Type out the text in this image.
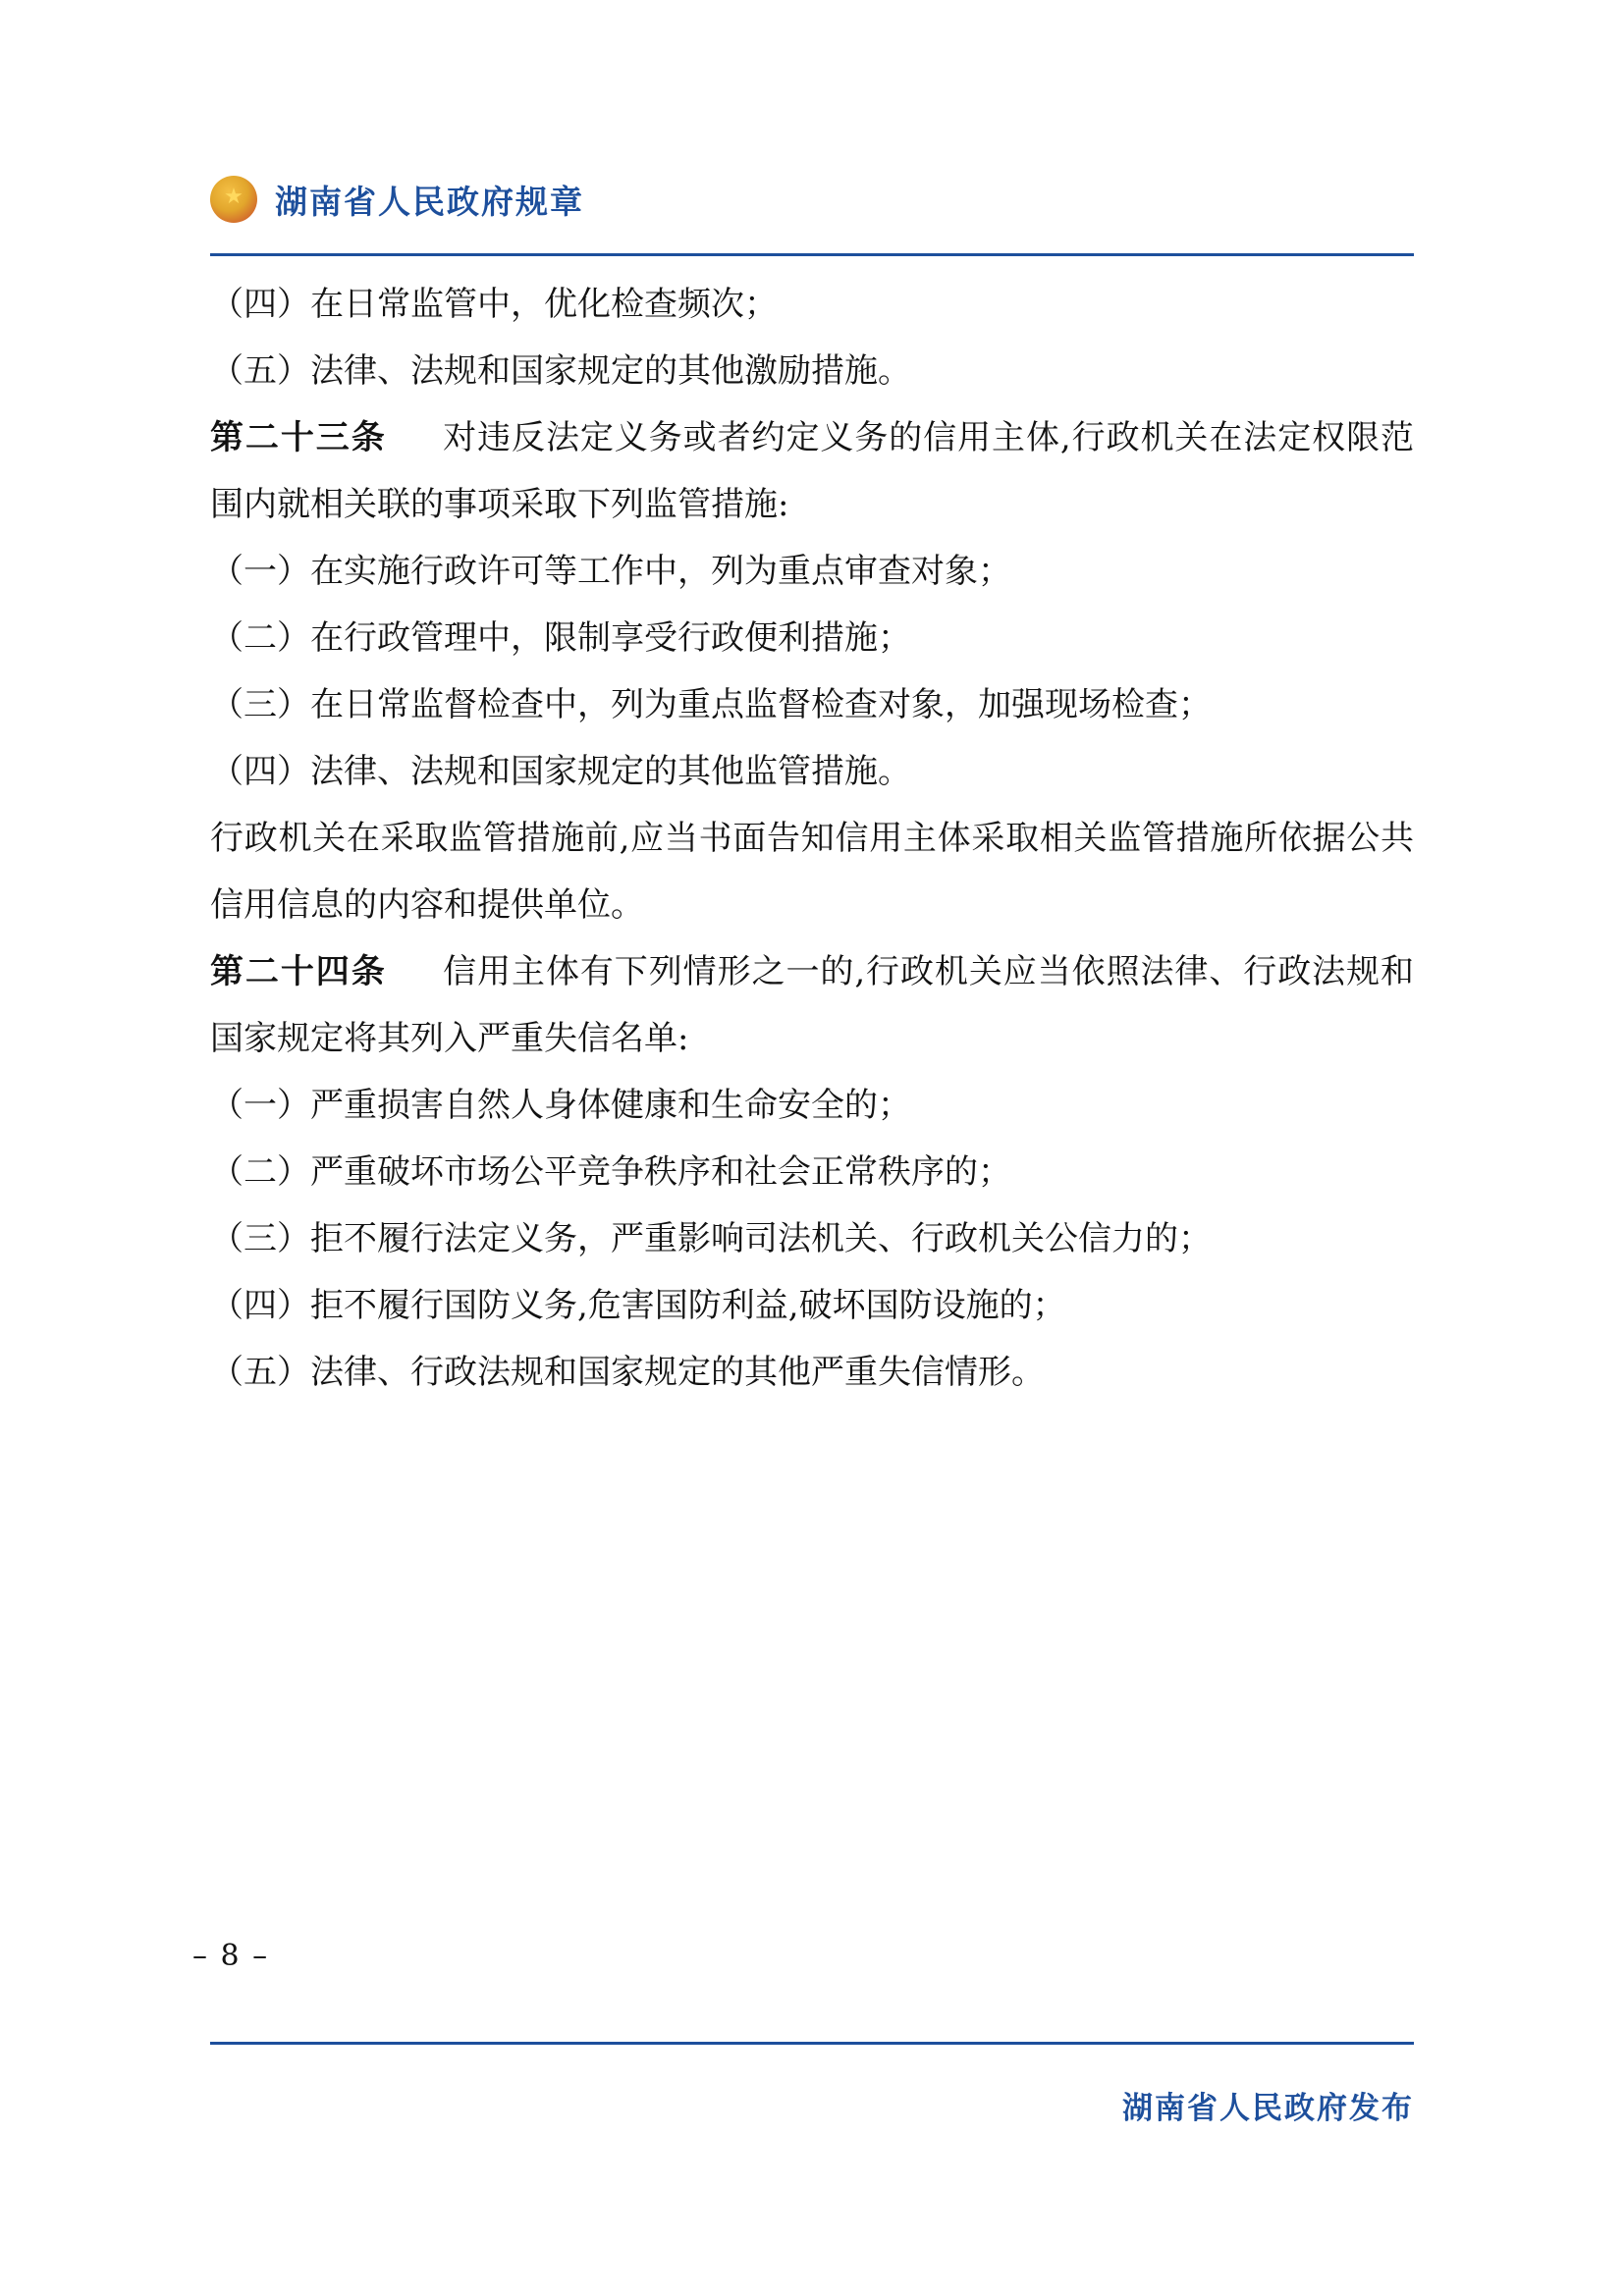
★ 湖南省人民政府规章

（四）在日常监管中，优化检查频次；

（五）法律、法规和国家规定的其他激励措施。

第二十三条 对违反法定义务或者约定义务的信用主体,行政机关在法定权限范围内就相关联的事项采取下列监管措施:

（一）在实施行政许可等工作中，列为重点审查对象；

（二）在行政管理中，限制享受行政便利措施；

（三）在日常监督检查中，列为重点监督检查对象，加强现场检查；

（四）法律、法规和国家规定的其他监管措施。

行政机关在采取监管措施前,应当书面告知信用主体采取相关监管措施所依据公共信用信息的内容和提供单位。

第二十四条 信用主体有下列情形之一的,行政机关应当依照法律、行政法规和国家规定将其列入严重失信名单:

（一）严重损害自然人身体健康和生命安全的；

（二）严重破坏市场公平竞争秩序和社会正常秩序的；

（三）拒不履行法定义务，严重影响司法机关、行政机关公信力的；

（四）拒不履行国防义务,危害国防利益,破坏国防设施的；

（五）法律、行政法规和国家规定的其他严重失信情形。

– 8 –
湖南省人民政府发布
